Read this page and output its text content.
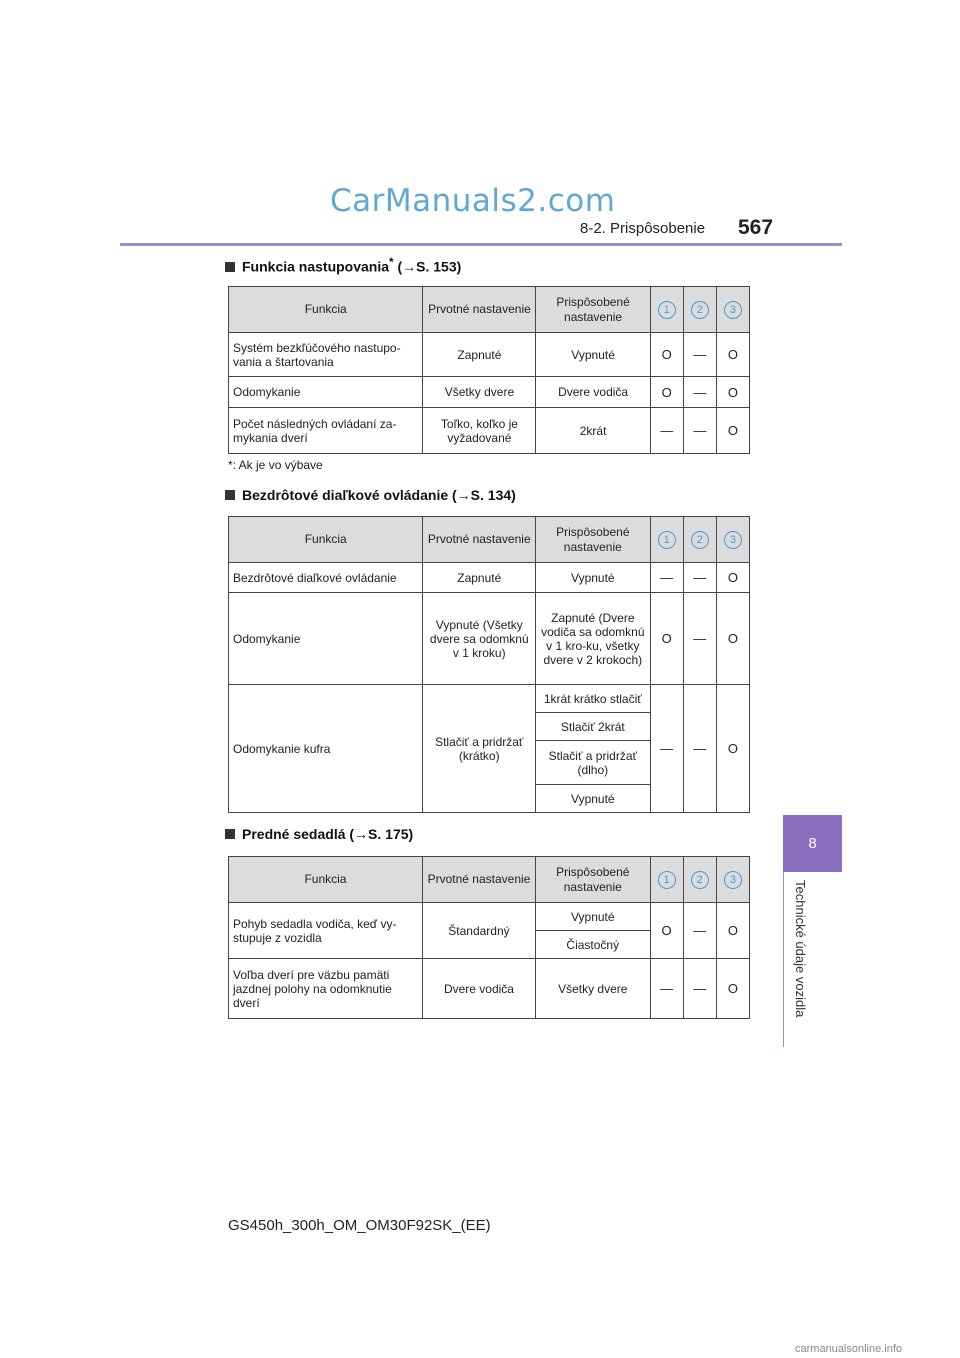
CarManuals2.com
8-2. Prispôsobenie 567
8
Technické údaje vozidla
Funkcia nastupovania* (→S. 153)
Funkcia	Prvotné nastavenie	Prispôsobené nastavenie	1	2	3
Systém bezkľúčového nastupo-vania a štartovania	Zapnuté	Vypnuté	O	—	O
Odomykanie	Všetky dvere	Dvere vodiča	O	—	O
Počet následných ovládaní za-mykania dverí	Toľko, koľko je vyžadované	2krát	—	—	O
*: Ak je vo výbave
Bezdrôtové diaľkové ovládanie (→S. 134)
Funkcia	Prvotné nastavenie	Prispôsobené nastavenie	1	2	3
Bezdrôtové diaľkové ovládanie	Zapnuté	Vypnuté	—	—	O
Odomykanie	Vypnuté (Všetky dvere sa odomknú v 1 kroku)	Zapnuté (Dvere vodiča sa odomknú v 1 kro-ku, všetky dvere v 2 krokoch)	O	—	O
Odomykanie kufra	Stlačiť a pridržať (krátko)	1krát krátko stlačiť	—	—	O
		Stlačiť 2krát			
		Stlačiť a pridržať (dlho)			
		Vypnuté			
Predné sedadlá (→S. 175)
Funkcia	Prvotné nastavenie	Prispôsobené nastavenie	1	2	3
Pohyb sedadla vodiča, keď vy-stupuje z vozidla	Štandardný	Vypnuté	O	—	O
		Čiastočný			
Voľba dverí pre väzbu pamäti jazdnej polohy na odomknutie dverí	Dvere vodiča	Všetky dvere	—	—	O
GS450h_300h_OM_OM30F92SK_(EE)
carmanualsonline.info
